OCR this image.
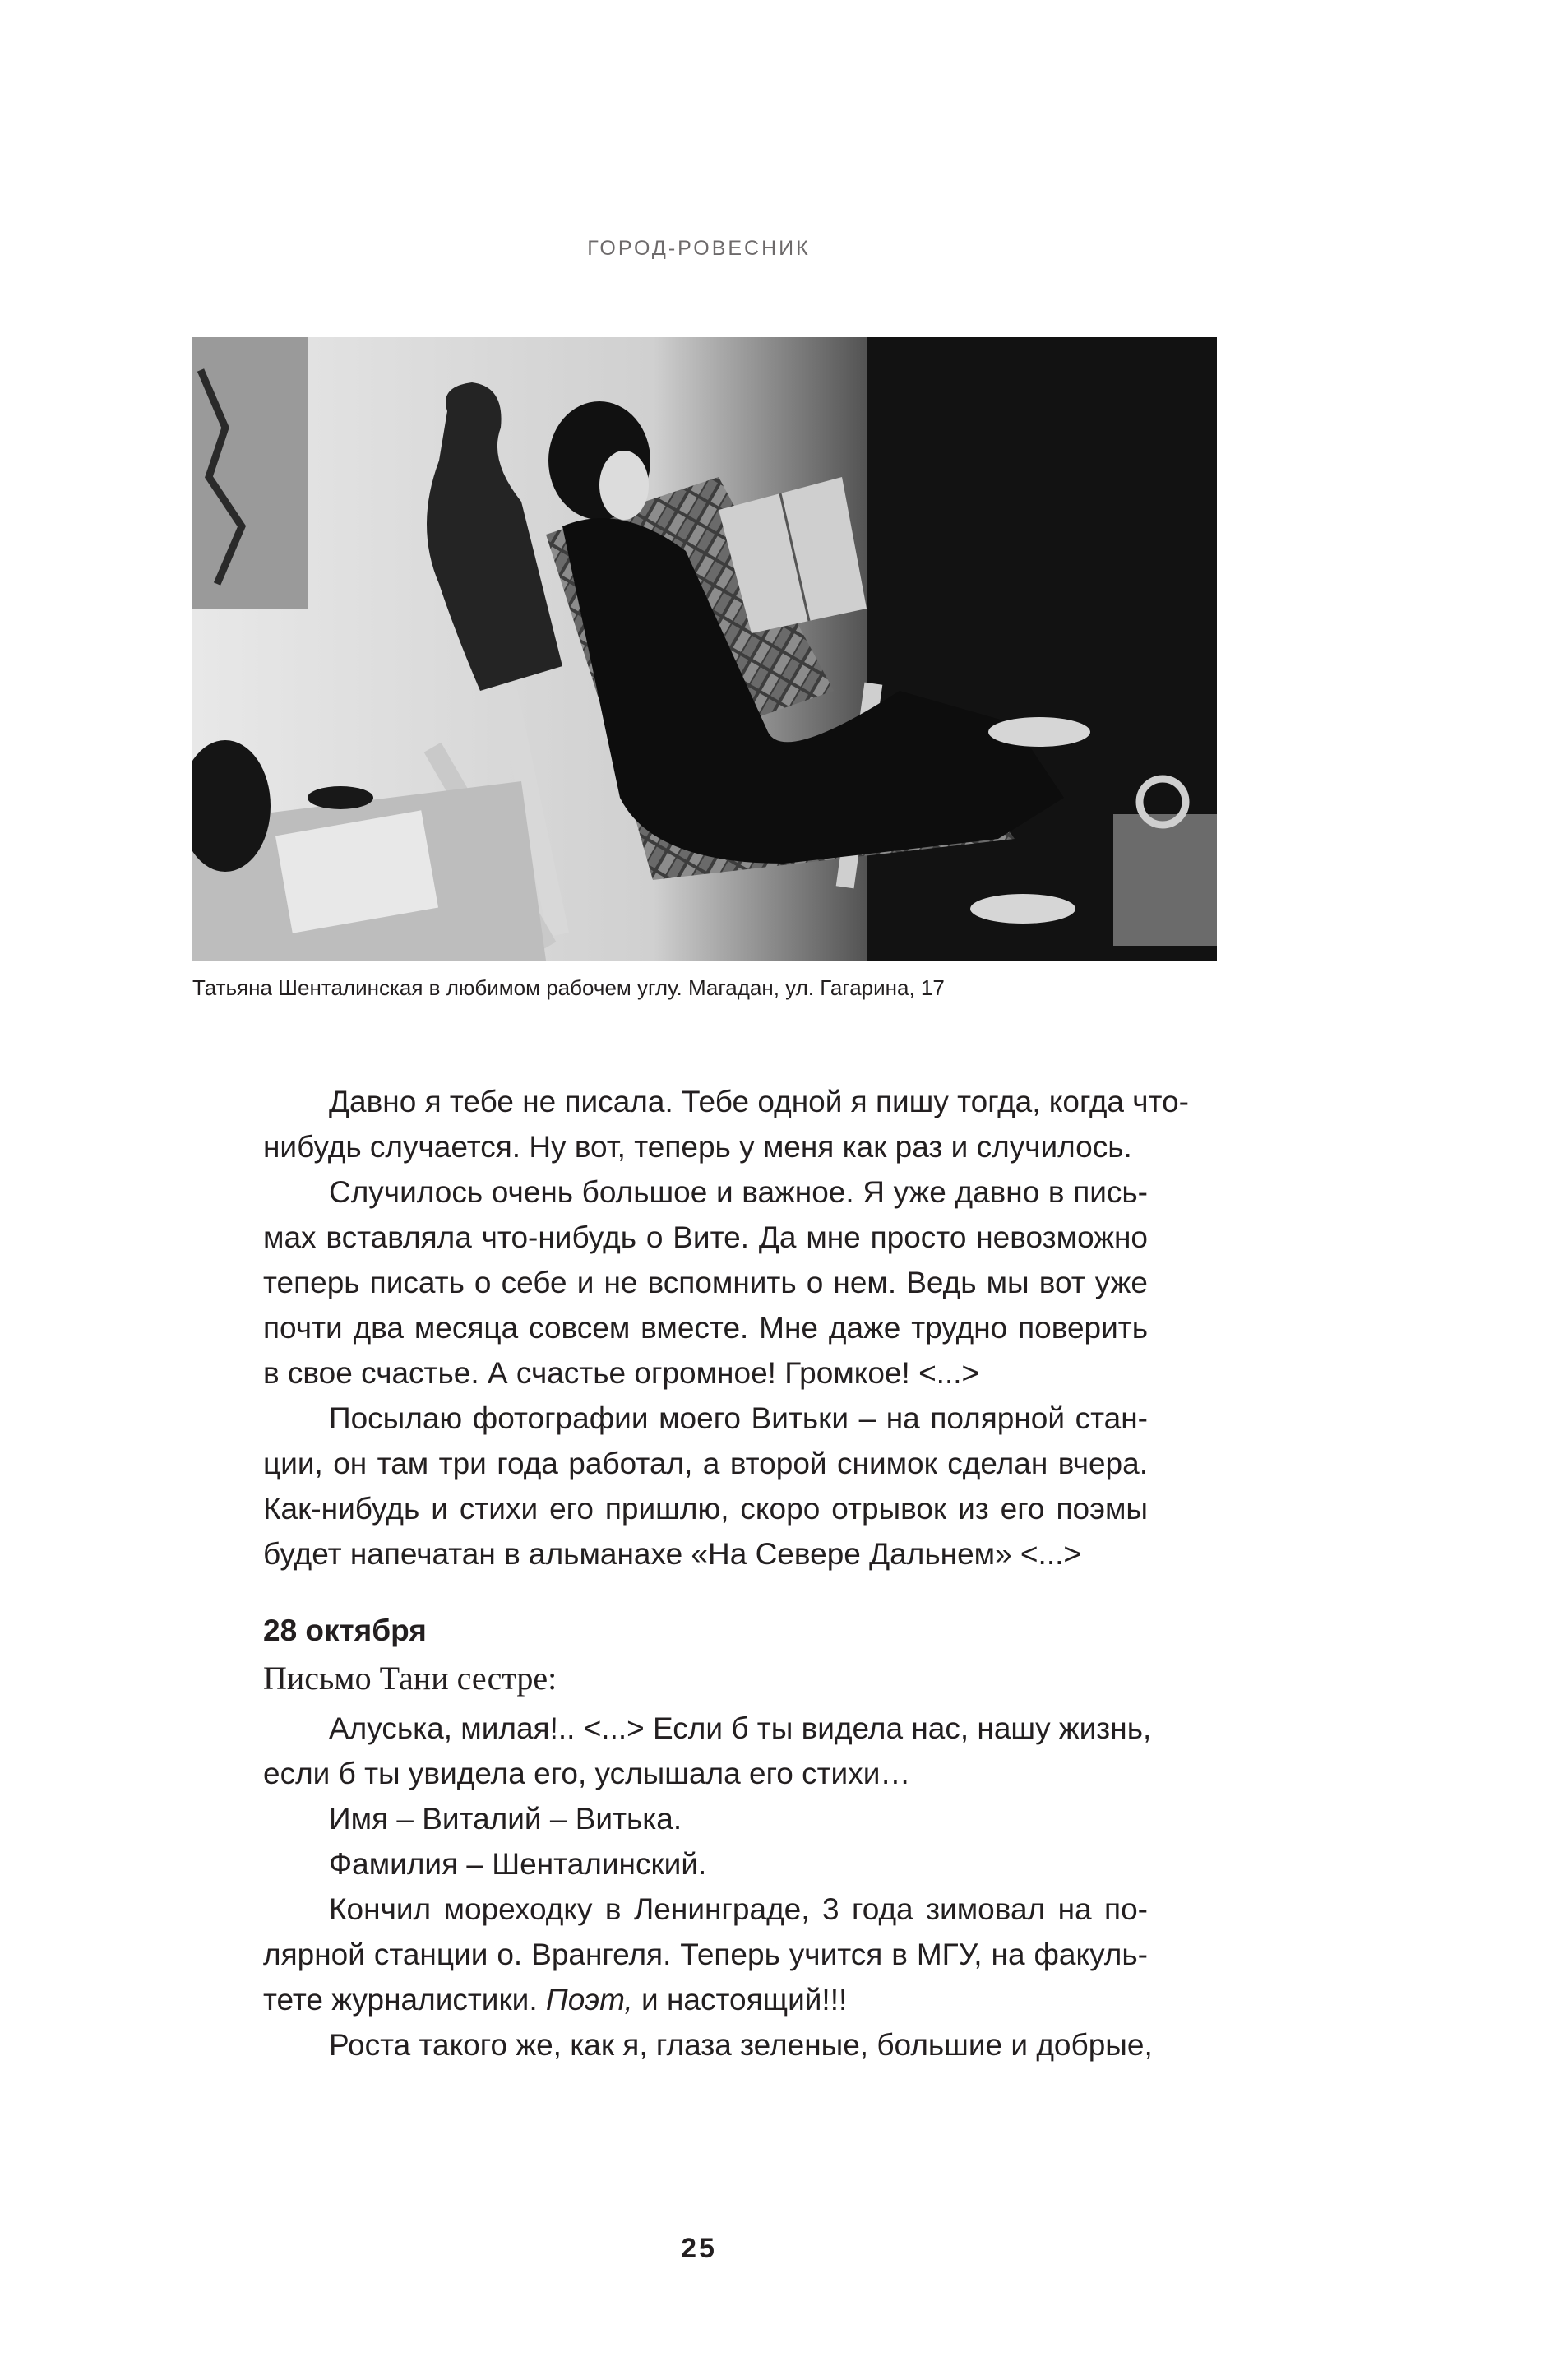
ГОРОД-РОВЕСНИК
Татьяна Шенталинская в любимом рабочем углу. Магадан, ул. Гагарина, 17
Давно я тебе не писала. Тебе одной я пишу тогда, когда что-
нибудь случается. Ну вот, теперь у меня как раз и случилось.
Случилось очень большое и важное. Я уже давно в пись-
мах вставляла что-нибудь о Вите. Да мне просто невозможно
теперь писать о себе и не вспомнить о нем. Ведь мы вот уже
почти два месяца совсем вместе. Мне даже трудно поверить
в свое счастье. А счастье огромное! Громкое! <...>
Посылаю фотографии моего Витьки – на полярной стан-
ции, он там три года работал, а второй снимок сделан вчера.
Как-нибудь и стихи его пришлю, скоро отрывок из его поэмы
будет напечатан в альманахе «На Севере Дальнем» <...>
28 октября
Письмо Тани сестре:
Алуська, милая!.. <...> Если б ты видела нас, нашу жизнь,
если б ты увидела его, услышала его стихи…
Имя – Виталий – Витька.
Фамилия – Шенталинский.
Кончил мореходку в Ленинграде, 3 года зимовал на по-
лярной станции о. Врангеля. Теперь учится в МГУ, на факуль-
тете журналистики. Поэт, и настоящий!!!
Роста такого же, как я, глаза зеленые, большие и добрые,
25
